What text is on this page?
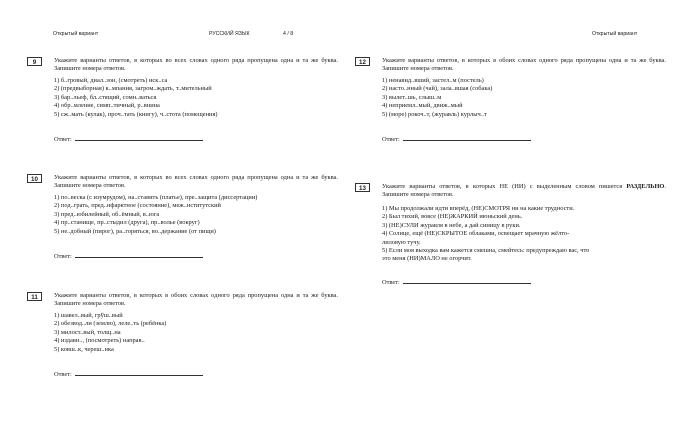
Открытый вариант	РУССКИЙ ЯЗЫК	4 / 8	Открытый вариант
9	Укажите варианты ответов, в которых во всех словах одного ряда пропущена одна и та же буква. Запишите номера ответов.
1) б..гровый, диал..зон, (смотреть) иск..са
2) (предвыборная) к..мпания, загром..ждать, т..мительный
3) бар..льеф, бл..стящий, сомн..ваться
4) обр..мление, симп..тичный, р..внина
5) сж..мать (кулак), проч..тать (книгу), ч..стота (помещения)
Ответ:
10	Укажите варианты ответов, в которых во всех словах одного ряда пропущена одна и та же буква. Запишите номера ответов.
1) по..веска (с изумрудом), на..ставить (платье), пре..защита (диссертации)
2) под..грать, пред..нфарктное (состояние), меж..нститутский
3) пред..юбилейный, об..ёмный, в..юга
4) пр..станище, пр..стыдил (друга), пр..волье (вокруг)
5) не..добный (пирог), ра..горяться, во..держание (от пищи)
Ответ:
11	Укажите варианты ответов, в которых в обоих словах одного ряда пропущена одна и та же буква. Запишите номера ответов.
1) шавел..вый, грўш..вый
2) обезвод..ли (землю), леле..ть (ребёнка)
3) милост..вый, толщ..на
4) издавн.., (посмотреть) направ..
5) ковш..к, череш..нка
Ответ:
12	Укажите варианты ответов, в которых в обоих словах одного ряда пропущена одна и та же буква. Запишите номера ответов.
1) ненавид..вший, застел..м (постель)
2) насто..нный (чай), зала..вшая (собака)
3) вылет..шь, слыш..м
4) неприемл..мый, движ..мый
5) (море) рокоч..т, (журавль) курлыч..т
Ответ:
13	Укажите варианты ответов, в которых НЕ (НИ) с выделенным словом пишется РАЗДЕЛЬНО. Запишите номера ответов.
1) Мы продолжали идти вперёд, (НЕ)СМОТРЯ ни на какие трудности.
2) Был тихий, вовсе (НЕ)ЖАРКИЙ июньский день.
3) (НЕ)СУЛИ журавля в небе, а дай синицу в руки.
4) Солнце, ещё (НЕ)СКРЫТОЕ облаками, освещает мрачную жёлто-
лиловую тучу.
5) Если моя выходка вам кажется смешна, смейтесь: предупреждаю вас, что
это меня (НИ)МАЛО не огорчит.
Ответ:
